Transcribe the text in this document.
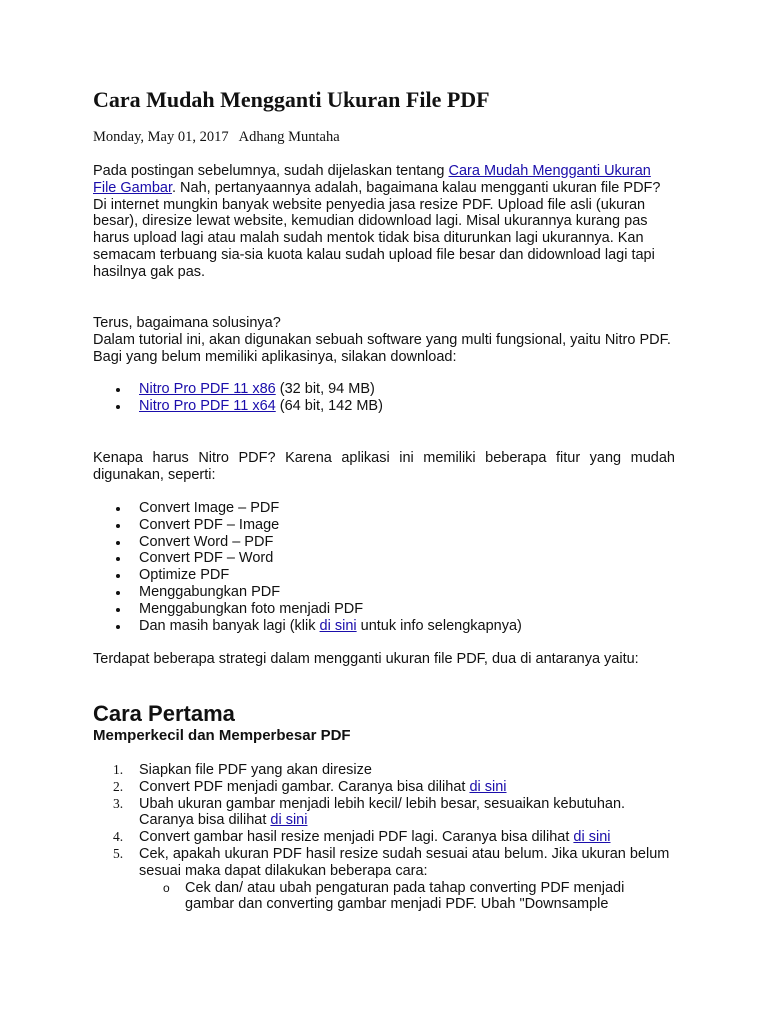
Cara Mudah Mengganti Ukuran File PDF
Monday, May 01, 2017 Adhang Muntaha

Pada postingan sebelumnya, sudah dijelaskan tentang Cara Mudah Mengganti Ukuran File Gambar. Nah, pertanyaannya adalah, bagaimana kalau mengganti ukuran file PDF?

Di internet mungkin banyak website penyedia jasa resize PDF. Upload file asli (ukuran besar), diresize lewat website, kemudian didownload lagi. Misal ukurannya kurang pas harus upload lagi atau malah sudah mentok tidak bisa diturunkan lagi ukurannya. Kan semacam terbuang sia-sia kuota kalau sudah upload file besar dan didownload lagi tapi hasilnya gak pas.

Terus, bagaimana solusinya?

Dalam tutorial ini, akan digunakan sebuah software yang multi fungsional, yaitu Nitro PDF. Bagi yang belum memiliki aplikasinya, silakan download:

Nitro Pro PDF 11 x86 (32 bit, 94 MB)
Nitro Pro PDF 11 x64 (64 bit, 142 MB)

Kenapa harus Nitro PDF? Karena aplikasi ini memiliki beberapa fitur yang mudah digunakan, seperti:

Convert Image – PDF
Convert PDF – Image
Convert Word – PDF
Convert PDF – Word
Optimize PDF
Menggabungkan PDF
Menggabungkan foto menjadi PDF
Dan masih banyak lagi (klik di sini untuk info selengkapnya)

Terdapat beberapa strategi dalam mengganti ukuran file PDF, dua di antaranya yaitu:

Cara Pertama
Memperkecil dan Memperbesar PDF
1. Siapkan file PDF yang akan diresize
2. Convert PDF menjadi gambar. Caranya bisa dilihat di sini
3. Ubah ukuran gambar menjadi lebih kecil/ lebih besar, sesuaikan kebutuhan. Caranya bisa dilihat di sini
4. Convert gambar hasil resize menjadi PDF lagi. Caranya bisa dilihat di sini
5. Cek, apakah ukuran PDF hasil resize sudah sesuai atau belum. Jika ukuran belum sesuai maka dapat dilakukan beberapa cara:
o Cek dan/ atau ubah pengaturan pada tahap converting PDF menjadi gambar dan converting gambar menjadi PDF. Ubah "Downsample
